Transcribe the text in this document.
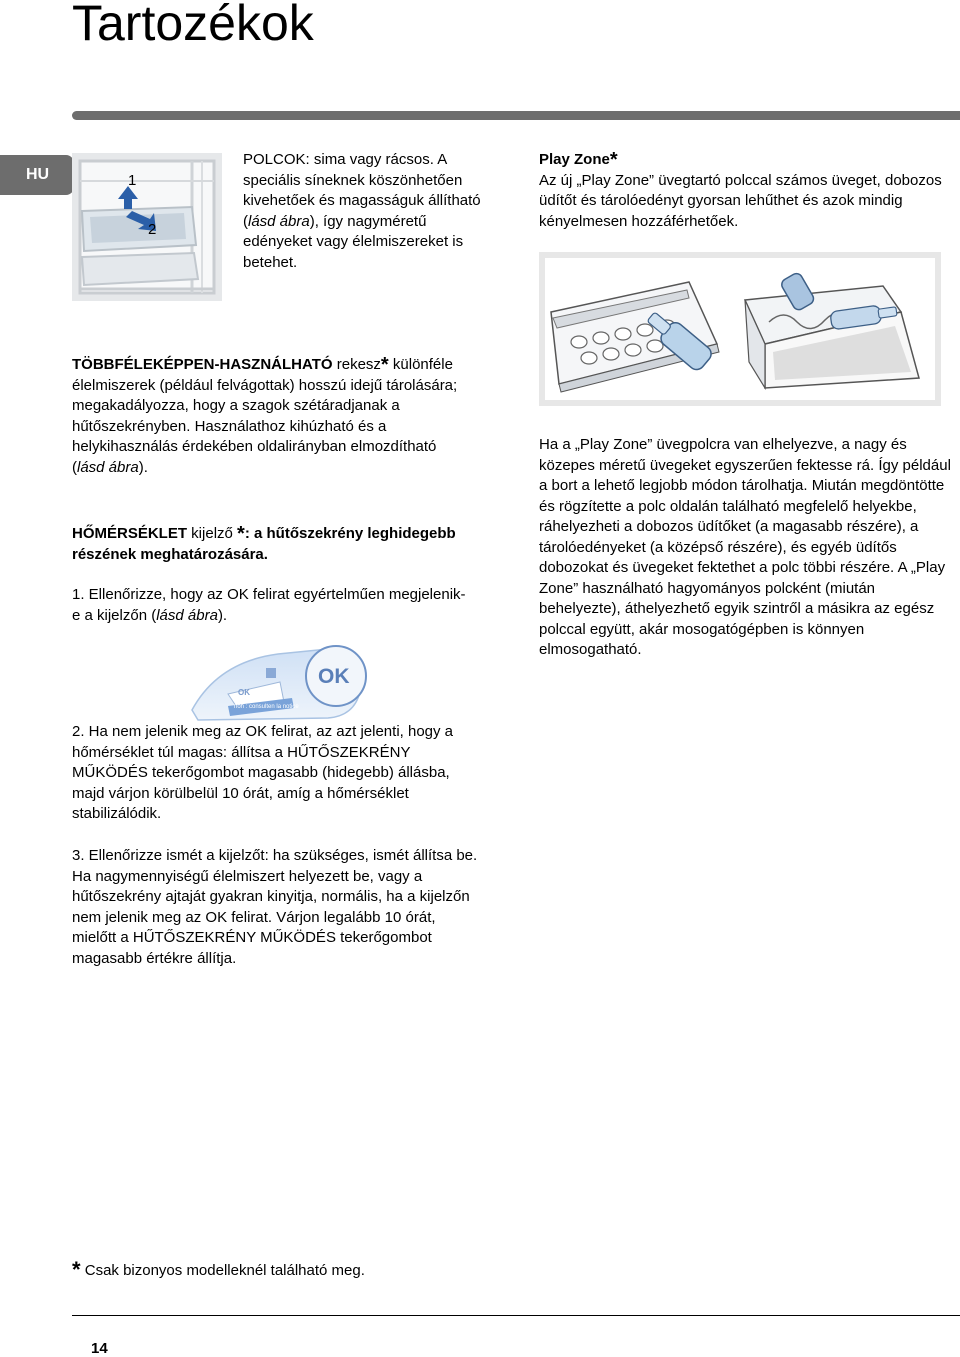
Tartozékok
HU	1
2
POLCOK: sima vagy rácsos. A speciális síneknek köszönhetően kivehetőek és magasságuk állítható (lásd ábra), így nagyméretű edényeket vagy élelmiszereket is betehet.
TÖBBFÉLEKÉPPEN-HASZNÁLHATÓ rekesz* különféle élelmiszerek (például felvágottak) hosszú idejű tárolására; megakadályozza, hogy a szagok szétáradjanak a hűtőszekrényben. Használathoz kihúzható és a helykihasználás érdekében oldalirányban elmozdítható (lásd ábra).
HŐMÉRSÉKLET kijelző *: a hűtőszekrény leghidegebb részének meghatározására.
1. Ellenőrizze, hogy az OK felirat egyértelműen megjelenik-e a kijelzőn (lásd ábra).
OK
OK
noh : consulten la notice
2. Ha nem jelenik meg az OK felirat, az azt jelenti, hogy a hőmérséklet túl magas: állítsa a HŰTŐSZEKRÉNY MŰKÖDÉS tekerőgombot magasabb (hidegebb) állásba, majd várjon körülbelül 10 órát, amíg a hőmérséklet stabilizálódik.
3. Ellenőrizze ismét a kijelzőt: ha szükséges, ismét állítsa be. Ha nagymennyiségű élelmiszert helyezett be, vagy a hűtőszekrény ajtaját gyakran kinyitja, normális, ha a kijelzőn nem jelenik meg az OK felirat. Várjon legalább 10 órát, mielőtt a HŰTŐSZEKRÉNY MŰKÖDÉS tekerőgombot magasabb értékre állítja.
Play Zone*
Az új „Play Zone” üvegtartó polccal számos üveget, dobozos üdítőt és tárolóedényt gyorsan lehűthet és azok mindig kényelmesen hozzáférhetőek.
Ha a „Play Zone” üvegpolcra van elhelyezve, a nagy és közepes méretű üvegeket egyszerűen fektesse rá. Így például a bort a lehető legjobb módon tárolhatja. Miután megdöntötte és rögzítette a polc oldalán található megfelelő helyekbe, ráhelyezheti a dobozos üdítőket (a magasabb részére), a tárolóedényeket (a középső részére), és egyéb üdítős dobozokat és üvegeket fektethet a polc többi részére. A „Play Zone” használható hagyományos polcként (miután behelyezte), áthelyezhető egyik szintről a másikra az egész polccal együtt, akár mosogatógépben is könnyen elmosogatható.
* Csak bizonyos modelleknél található meg.
14
